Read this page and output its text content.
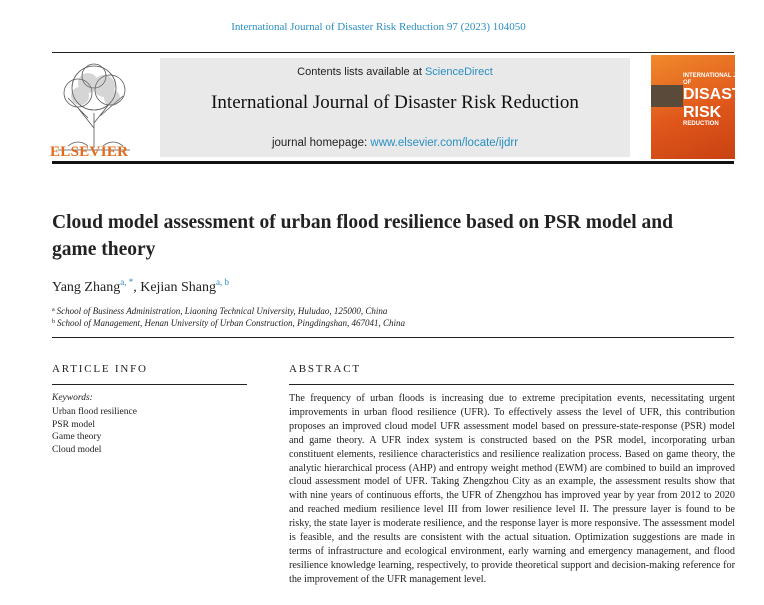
International Journal of Disaster Risk Reduction 97 (2023) 104050
ELSEVIER
Contents lists available at ScienceDirect
International Journal of Disaster Risk Reduction
journal homepage: www.elsevier.com/locate/ijdrr
INTERNATIONAL JOURNAL OF
DISASTER
RISK
REDUCTION
Cloud model assessment of urban flood resilience based on PSR model and game theory
Yang Zhang$^{a, *}$, Kejian Shang$^{a, b}$
$^a$ School of Business Administration, Liaoning Technical University, Huludao, 125000, China
$^b$ School of Management, Henan University of Urban Construction, Pingdingshan, 467041, China
ARTICLE INFO
Keywords:
Urban flood resilience
PSR model
Game theory
Cloud model
ABSTRACT

The frequency of urban floods is increasing due to extreme precipitation events, necessitating urgent improvements in urban flood resilience (UFR). To effectively assess the level of UFR, this contribution proposes an improved cloud model UFR assessment model based on pressure-state-response (PSR) model and game theory. A UFR index system is constructed based on the PSR model, incorporating urban constituent elements, resilience characteristics and resilience realization process. Based on game theory, the analytic hierarchical process (AHP) and entropy weight method (EWM) are combined to build an improved cloud assessment model of UFR. Taking Zhengzhou City as an example, the assessment results show that with nine years of continuous efforts, the UFR of Zhengzhou has improved year by year from 2012 to 2020 and reached medium resilience level III from lower resilience level II. The pressure layer is found to be risky, the state layer is moderate resilience, and the response layer is more responsive. The assessment model is feasible, and the results are consistent with the actual situation. Optimization suggestions are made in terms of infrastructure and ecological environment, early warning and emergency management, and flood resilience knowledge learning, respectively, to provide theoretical support and decision-making reference for the improvement of the UFR management level.
